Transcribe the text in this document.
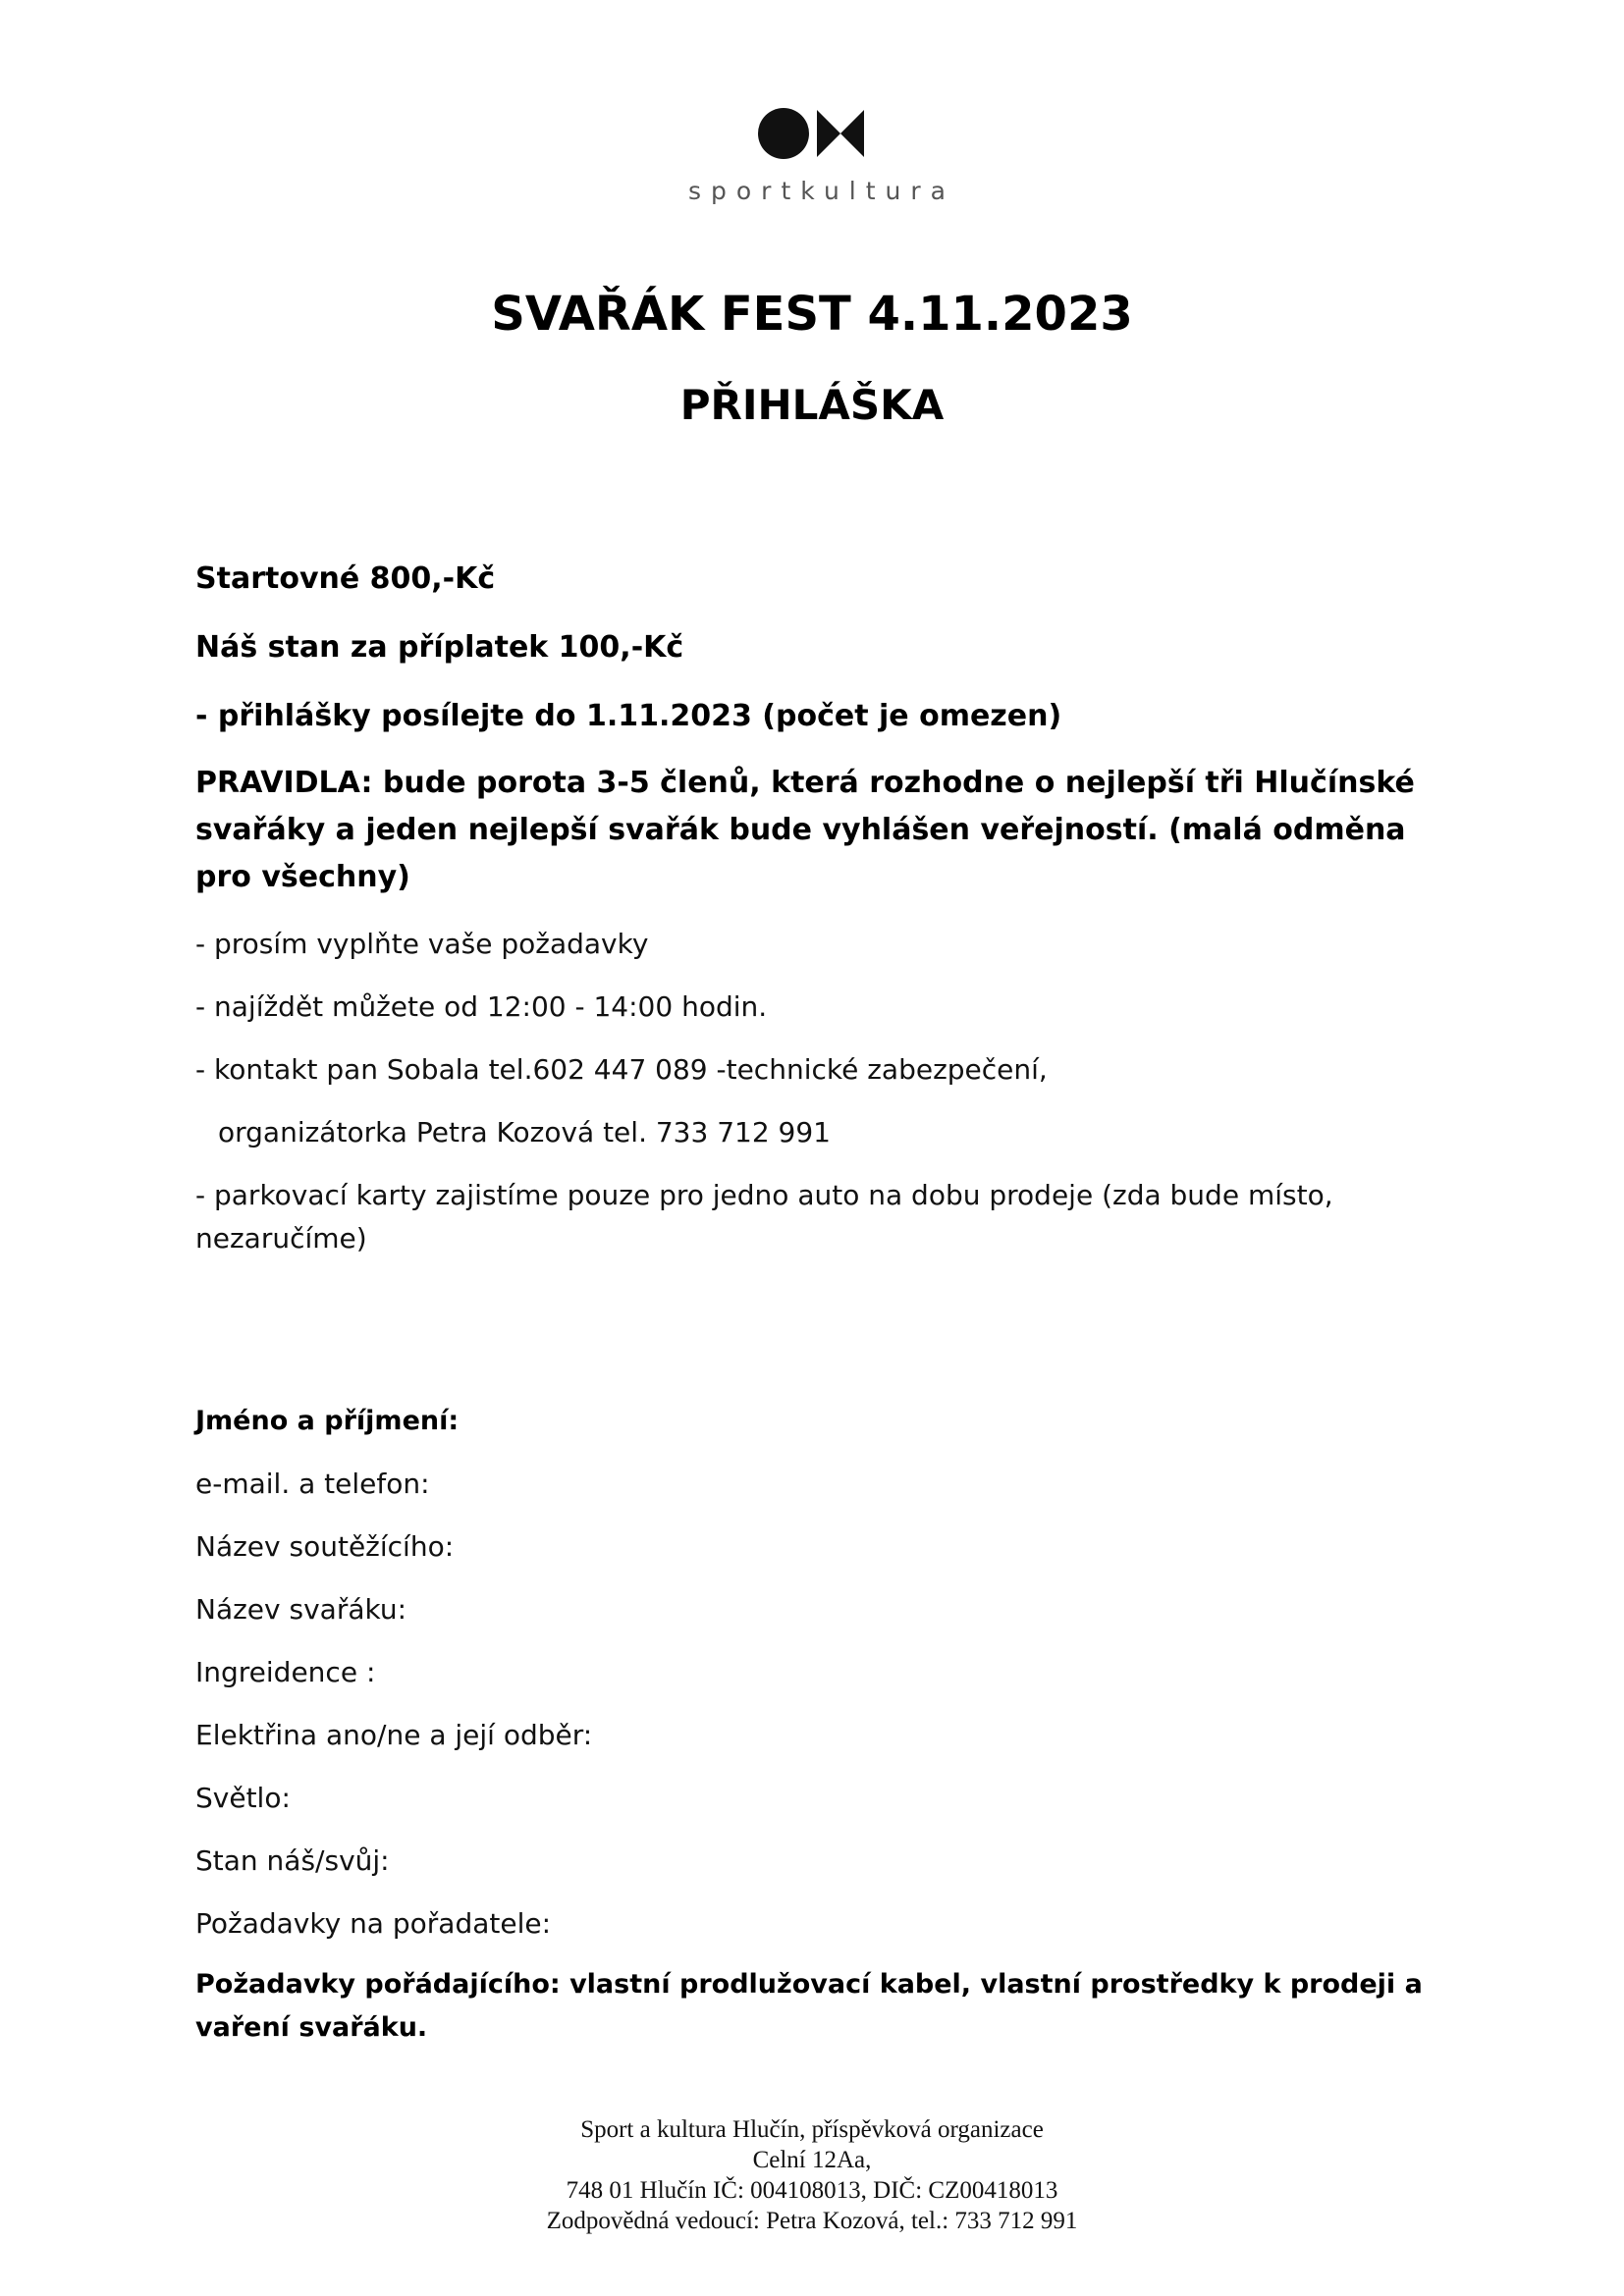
sportkultura
SVAŘÁK FEST 4.11.2023
PŘIHLÁŠKA

Startovné 800,-Kč

Náš stan za příplatek 100,-Kč

- přihlášky posílejte do 1.11.2023 (počet je omezen)

PRAVIDLA: bude porota 3-5 členů, která rozhodne o nejlepší tři Hlučínské svařáky a jeden nejlepší svařák bude vyhlášen veřejností. (malá odměna pro všechny)

- prosím vyplňte vaše požadavky

- najíždět můžete od 12:00 - 14:00 hodin.

- kontakt pan Sobala tel.602 447 089 -technické zabezpečení,

organizátorka Petra Kozová tel. 733 712 991

- parkovací karty zajistíme pouze pro jedno auto na dobu prodeje (zda bude místo, nezaručíme)

Jméno a příjmení:

e-mail. a telefon:

Název soutěžícího:

Název svařáku:

Ingreidence :

Elektřina ano/ne a její odběr:

Světlo:

Stan náš/svůj:

Požadavky na pořadatele:

Požadavky pořádajícího: vlastní prodlužovací kabel, vlastní prostředky k prodeji a vaření svařáku.

Sport a kultura Hlučín, příspěvková organizace
Celní 12Aa,
748 01 Hlučín IČ: 004108013, DIČ: CZ00418013
Zodpovědná vedoucí: Petra Kozová, tel.: 733 712 991
